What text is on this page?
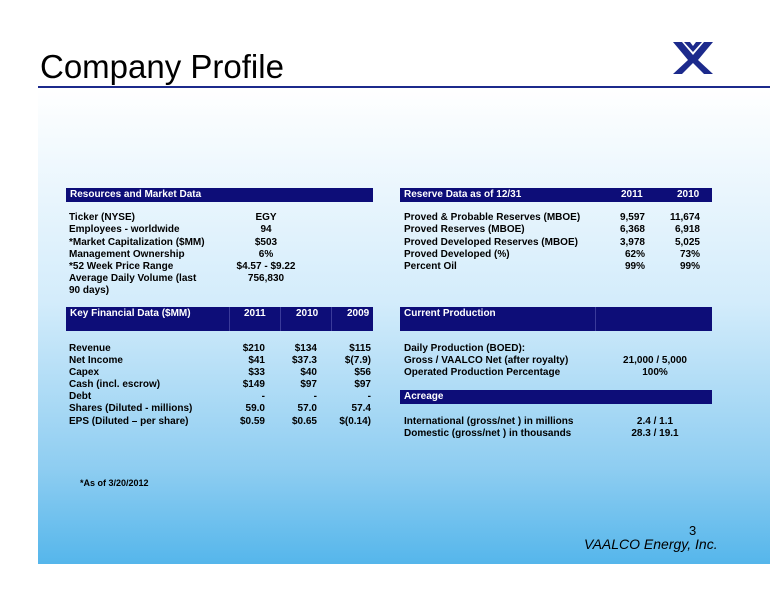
Company Profile
Resources and Market Data
Ticker (NYSE)	EGY
Employees - worldwide	94
*Market Capitalization ($MM)	$503
Management Ownership	6%
*52 Week Price Range	$4.57 - $9.22
Average Daily Volume (last	756,830
90 days)
Reserve Data as of 12/31	2011	2010
Proved & Probable Reserves (MBOE)	9,597	11,674
Proved Reserves (MBOE)	6,368	6,918
Proved Developed Reserves (MBOE)	3,978	5,025
Proved Developed (%)	62%	73%
Percent Oil	99%	99%
Key Financial Data ($MM)	2011	2010	2009
Revenue	$210	$134	$115
Net Income	$41	$37.3	$(7.9)
Capex	$33	$40	$56
Cash (incl. escrow)	$149	$97	$97
Debt	-	-	-
Shares (Diluted - millions)	59.0	57.0	57.4
EPS (Diluted – per share)	$0.59	$0.65	$(0.14)
Current Production
Daily Production (BOED):
Gross / VAALCO Net (after royalty)	21,000 / 5,000
Operated Production Percentage	100%
Acreage
International (gross/net ) in millions	2.4 / 1.1
Domestic (gross/net ) in thousands	28.3 / 19.1
*As of 3/20/2012
3
VAALCO Energy, Inc.
